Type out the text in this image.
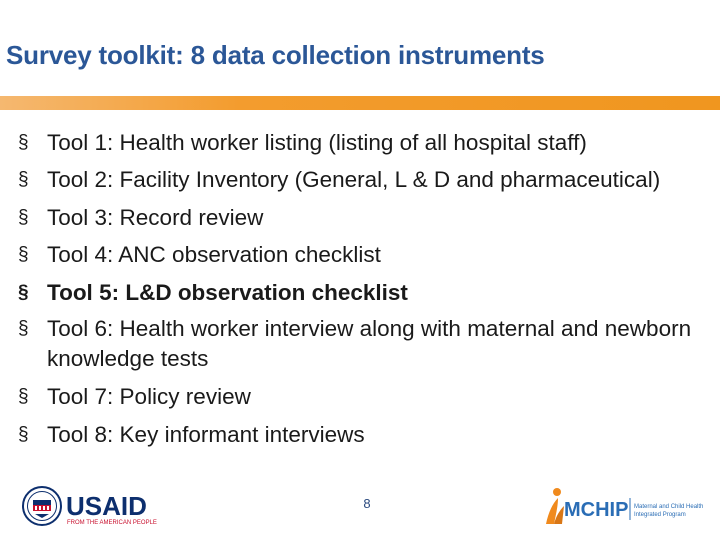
Survey toolkit: 8 data collection instruments
§ Tool 1: Health worker listing (listing of all hospital staff)
§ Tool 2: Facility Inventory (General, L & D and pharmaceutical)
§ Tool 3: Record review
§ Tool 4: ANC observation checklist
§ Tool 5: L&D observation checklist
§ Tool 6: Health worker interview along with maternal and newborn knowledge tests
§ Tool 7: Policy review
§ Tool 8: Key informant interviews
USAID
FROM THE AMERICAN PEOPLE
8	MCHIP Maternal and Child Health
Integrated Program
